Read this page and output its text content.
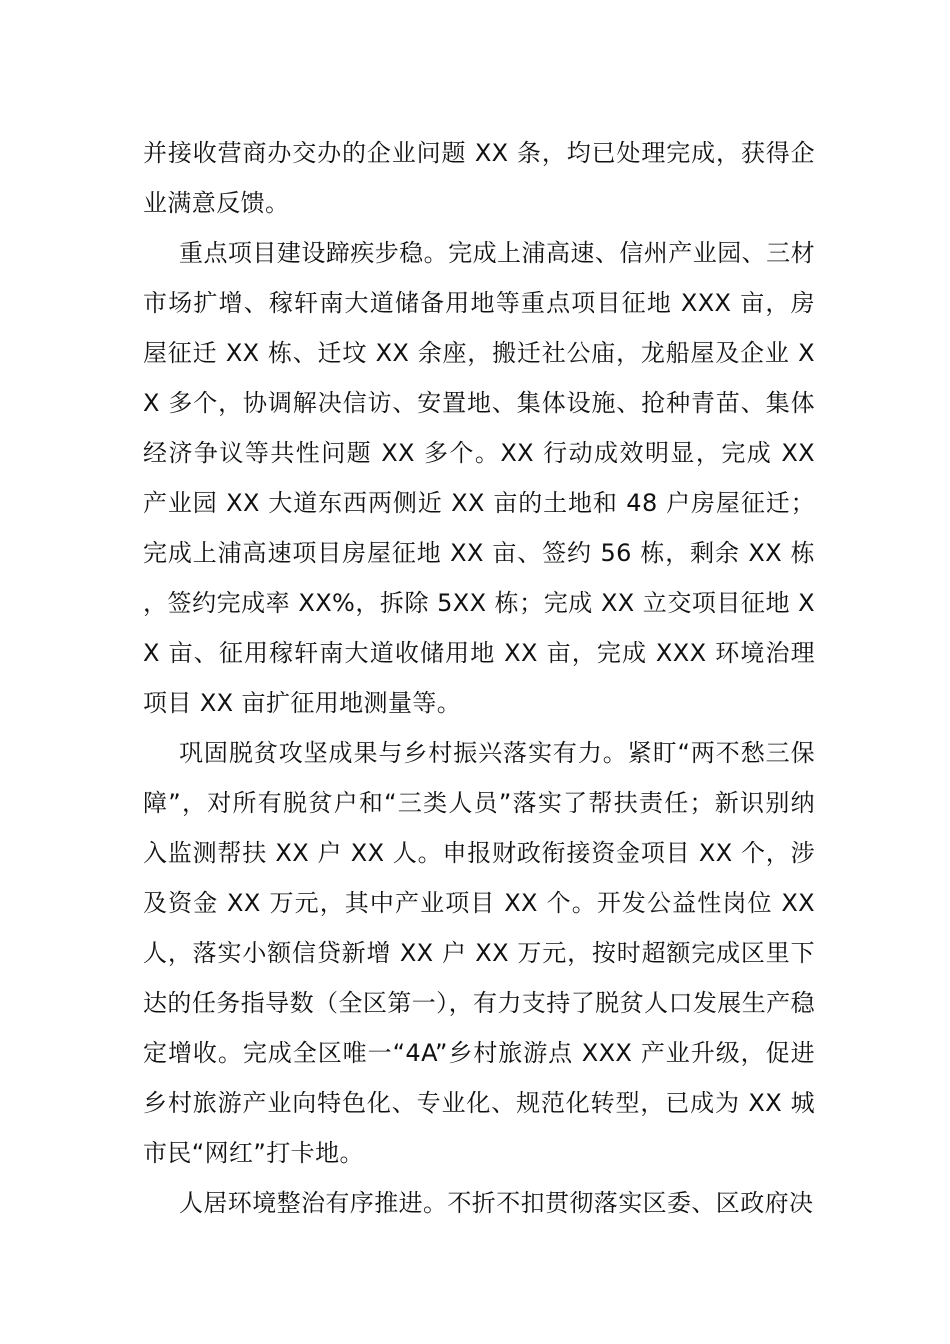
并接收营商办交办的企业问题 XX 条，均已处理完成，获得企业满意反馈。

重点项目建设蹄疾步稳。完成上浦高速、信州产业园、三材市场扩增、稼轩南大道储备用地等重点项目征地 XXX 亩，房屋征迁 XX 栋、迁坟 XX 余座，搬迁社公庙，龙船屋及企业 XX 多个，协调解决信访、安置地、集体设施、抢种青苗、集体经济争议等共性问题 XX 多个。XX 行动成效明显，完成 XX 产业园 XX 大道东西两侧近 XX 亩的土地和 48 户房屋征迁；完成上浦高速项目房屋征地 XX 亩、签约 56 栋，剩余 XX 栋，签约完成率 XX%，拆除 5XX 栋；完成 XX 立交项目征地 XX 亩、征用稼轩南大道收储用地 XX 亩，完成 XXX 环境治理项目 XX 亩扩征用地测量等。

巩固脱贫攻坚成果与乡村振兴落实有力。紧盯“两不愁三保障”，对所有脱贫户和“三类人员”落实了帮扶责任；新识别纳入监测帮扶 XX 户 XX 人。申报财政衔接资金项目 XX 个，涉及资金 XX 万元，其中产业项目 XX 个。开发公益性岗位 XX 人，落实小额信贷新增 XX 户 XX 万元，按时超额完成区里下达的任务指导数（全区第一），有力支持了脱贫人口发展生产稳定增收。完成全区唯一“4A”乡村旅游点 XXX 产业升级，促进乡村旅游产业向特色化、专业化、规范化转型，已成为 XX 城市民“网红”打卡地。

人居环境整治有序推进。不折不扣贯彻落实区委、区政府决
